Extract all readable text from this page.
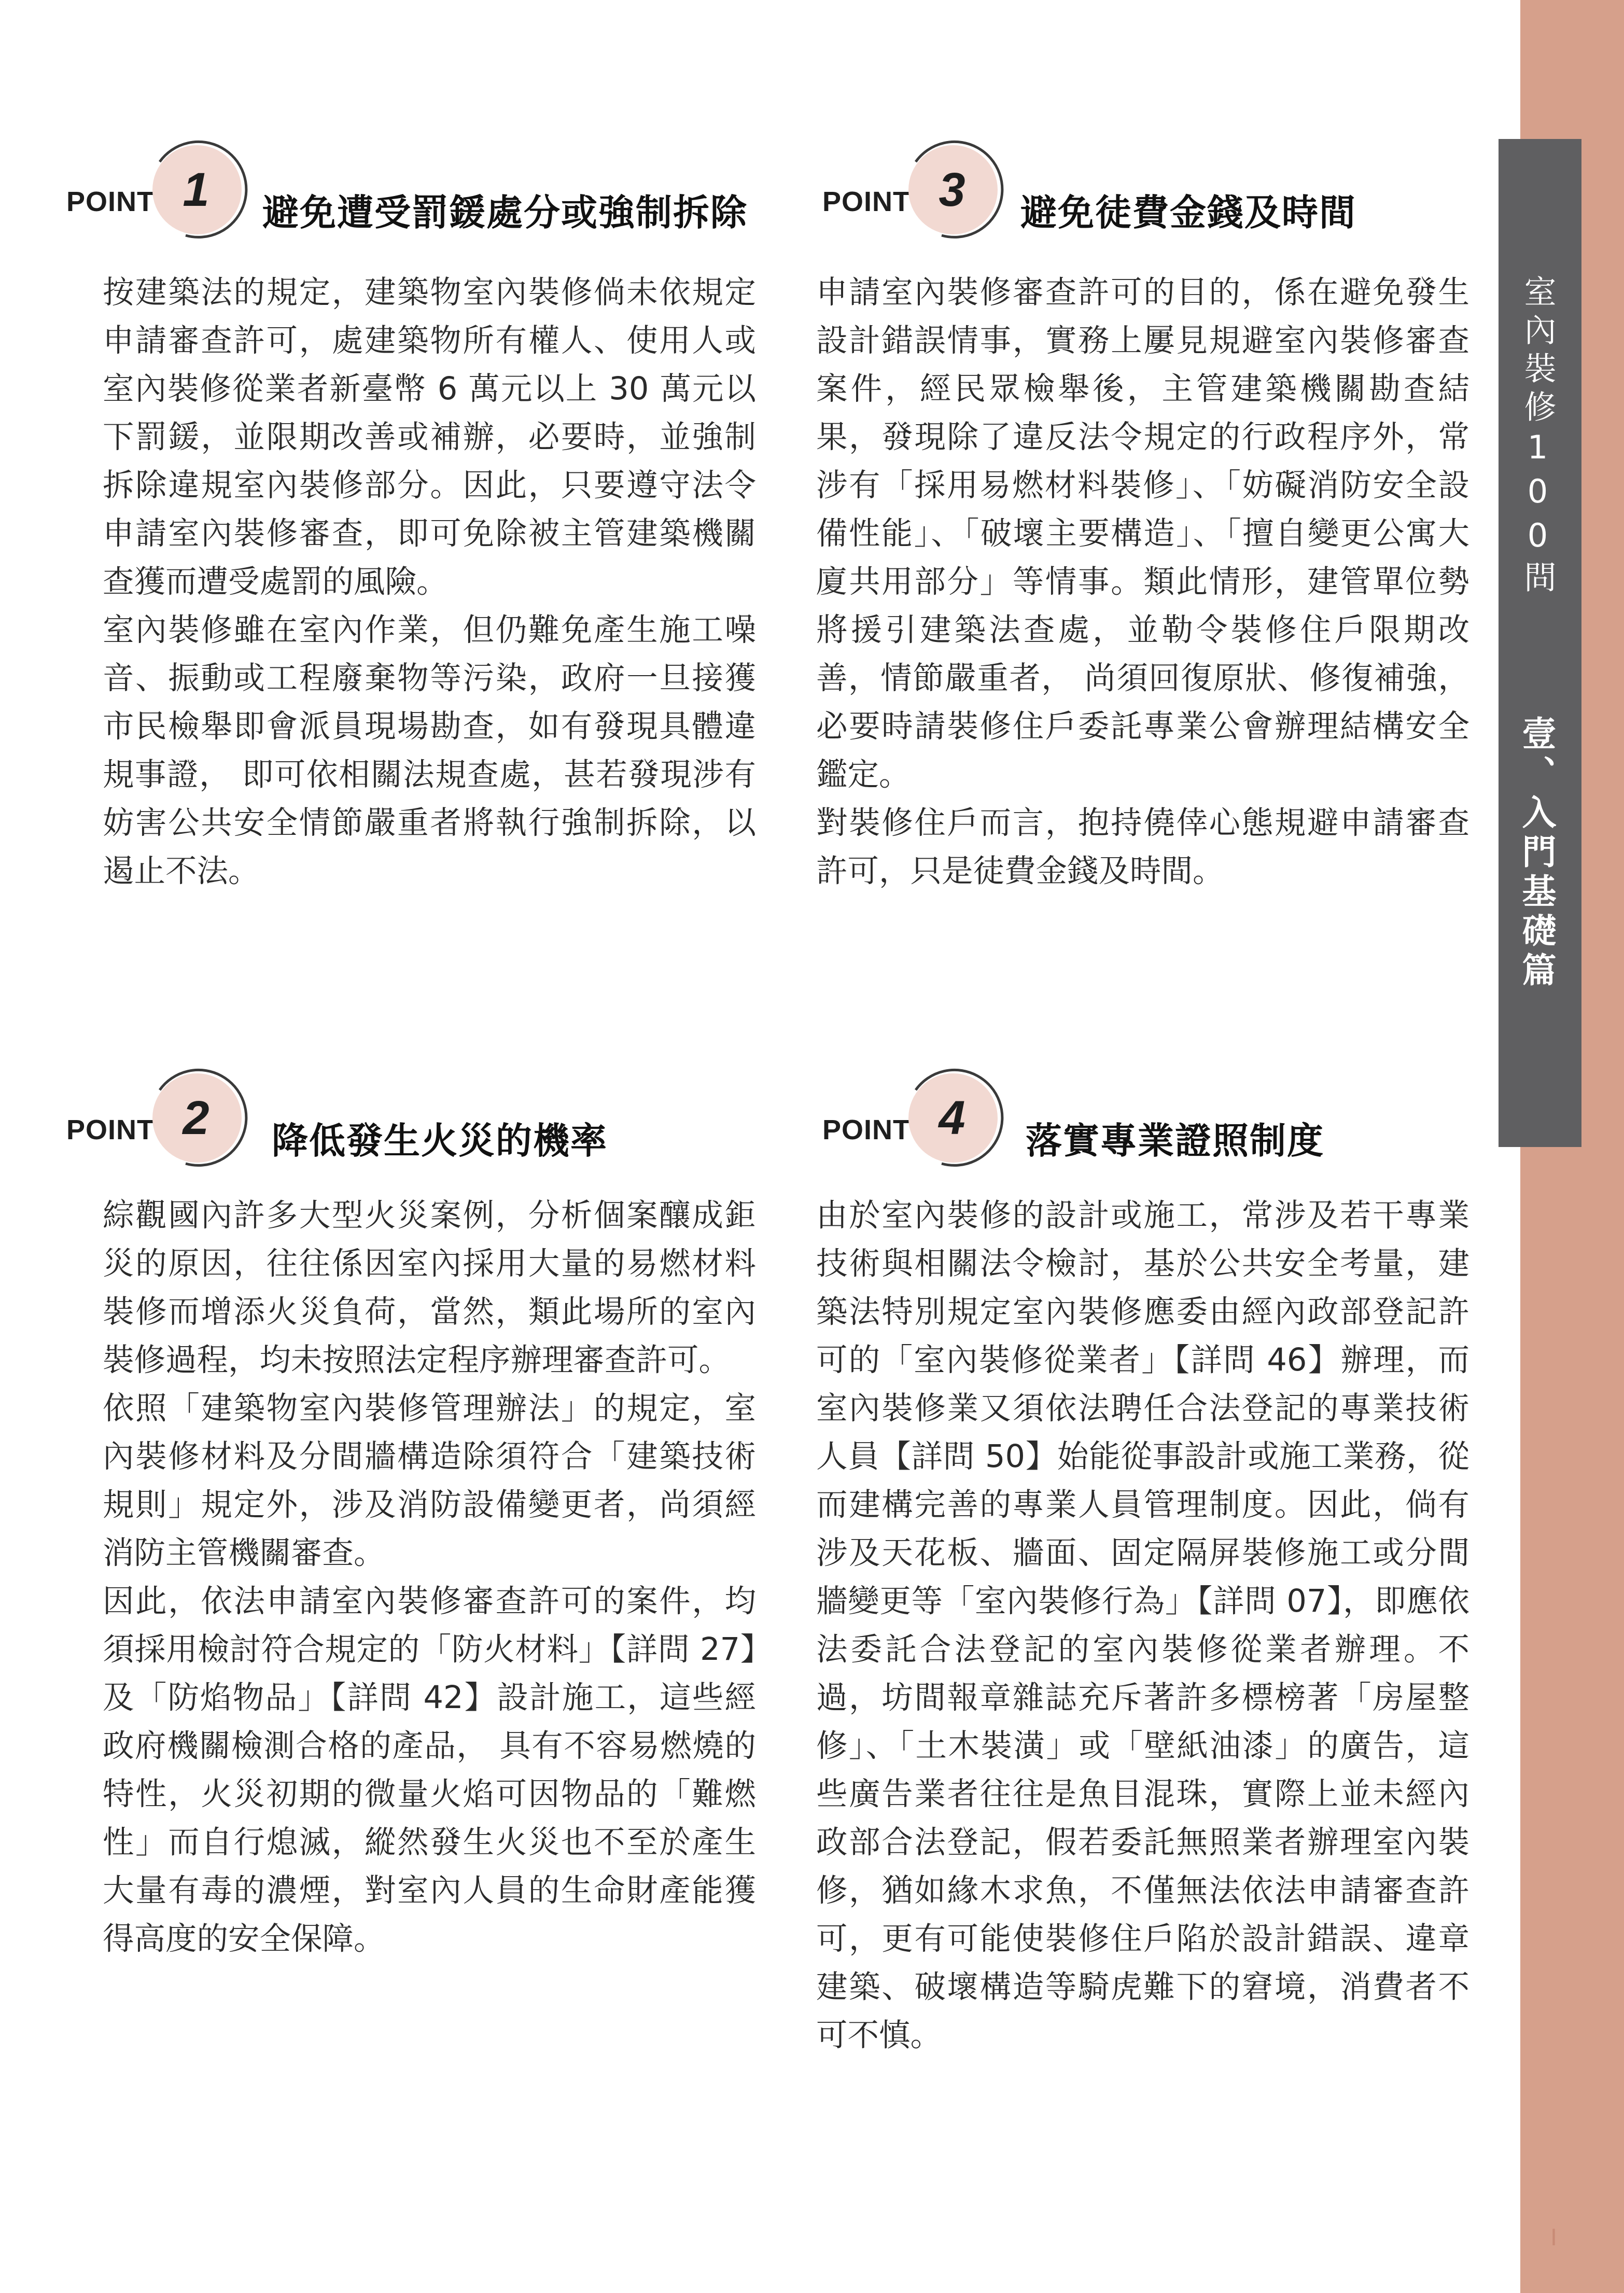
室內裝修100問
壹、入門基礎篇
I
POINT 1	避免遭受罰鍰處分或強制拆除	POINT 3	避免徒費金錢及時間
POINT 2	降低發生火災的機率	POINT 4	落實專業證照制度

按建築法的規定，建築物室內裝修倘未依規定申請審查許可，處建築物所有權人、使用人或室內裝修從業者新臺幣 6 萬元以上 30 萬元以下罰鍰，並限期改善或補辦，必要時，並強制拆除違規室內裝修部分。因此，只要遵守法令申請室內裝修審查，即可免除被主管建築機關查獲而遭受處罰的風險。

室內裝修雖在室內作業，但仍難免產生施工噪音、振動或工程廢棄物等污染，政府一旦接獲市民檢舉即會派員現場勘查，如有發現具體違規事證， 即可依相關法規查處，甚若發現涉有妨害公共安全情節嚴重者將執行強制拆除，以遏止不法。

申請室內裝修審查許可的目的，係在避免發生設計錯誤情事，實務上屢見規避室內裝修審查案件，經民眾檢舉後，主管建築機關勘查結果，發現除了違反法令規定的行政程序外，常涉有「採用易燃材料裝修」、「妨礙消防安全設備性能」、「破壞主要構造」、「擅自變更公寓大廈共用部分」等情事。類此情形，建管單位勢將援引建築法查處，並勒令裝修住戶限期改善，情節嚴重者， 尚須回復原狀、修復補強，必要時請裝修住戶委託專業公會辦理結構安全鑑定。

對裝修住戶而言，抱持僥倖心態規避申請審查許可，只是徒費金錢及時間。

綜觀國內許多大型火災案例，分析個案釀成鉅災的原因，往往係因室內採用大量的易燃材料裝修而增添火災負荷，當然，類此場所的室內裝修過程，均未按照法定程序辦理審查許可。

依照「建築物室內裝修管理辦法」的規定，室內裝修材料及分間牆構造除須符合「建築技術規則」規定外，涉及消防設備變更者，尚須經消防主管機關審查。

因此，依法申請室內裝修審查許可的案件，均須採用檢討符合規定的「防火材料」【詳問 27】及「防焰物品」【詳問 42】設計施工，這些經政府機關檢測合格的產品， 具有不容易燃燒的特性，火災初期的微量火焰可因物品的「難燃性」而自行熄滅，縱然發生火災也不至於產生大量有毒的濃煙，對室內人員的生命財產能獲得高度的安全保障。

由於室內裝修的設計或施工，常涉及若干專業技術與相關法令檢討，基於公共安全考量，建築法特別規定室內裝修應委由經內政部登記許可的「室內裝修從業者」【詳問 46】辦理，而室內裝修業又須依法聘任合法登記的專業技術人員【詳問 50】始能從事設計或施工業務，從而建構完善的專業人員管理制度。因此，倘有涉及天花板、牆面、固定隔屏裝修施工或分間牆變更等「室內裝修行為」【詳問 07】，即應依法委託合法登記的室內裝修從業者辦理。不過，坊間報章雜誌充斥著許多標榜著「房屋整修」、「土木裝潢」或「壁紙油漆」的廣告，這些廣告業者往往是魚目混珠，實際上並未經內政部合法登記，假若委託無照業者辦理室內裝修，猶如緣木求魚，不僅無法依法申請審查許可，更有可能使裝修住戶陷於設計錯誤、違章建築、破壞構造等騎虎難下的窘境，消費者不可不慎。
